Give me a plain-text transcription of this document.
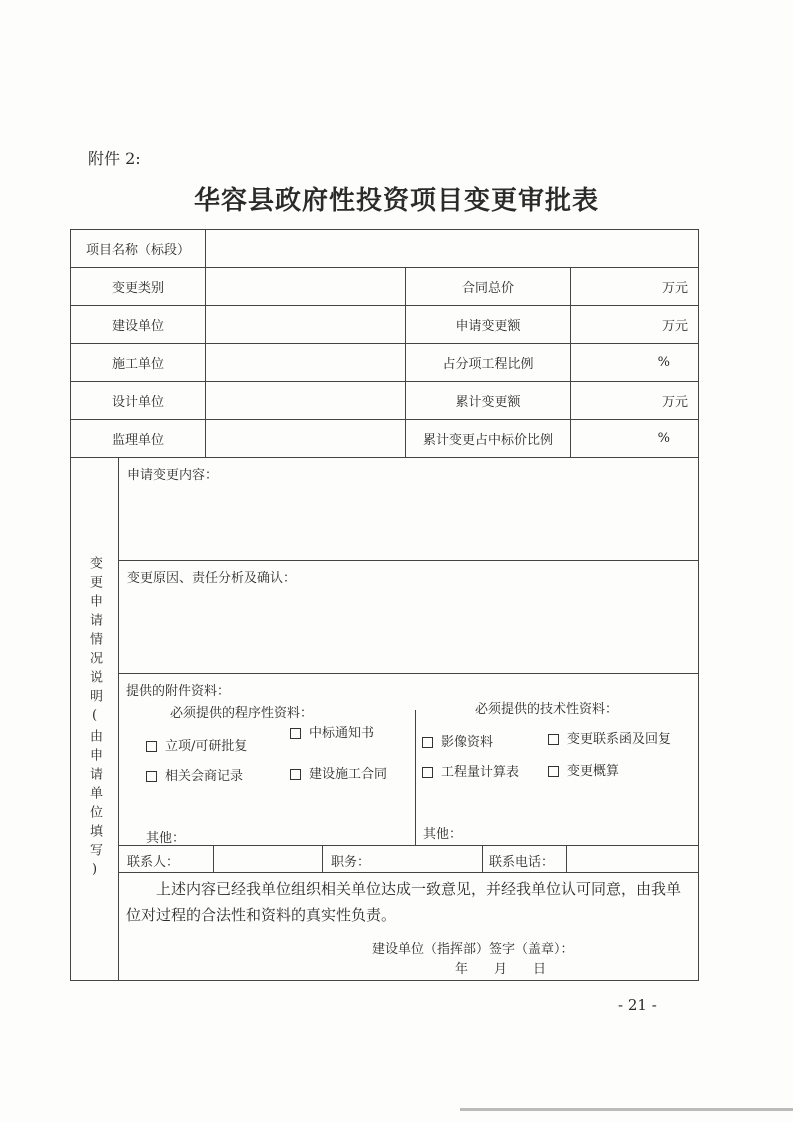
附件 2:
华容县政府性投资项目变更审批表
项目名称（标段）
变更类别	合同总价	万元
建设单位	申请变更额	万元
施工单位	占分项工程比例	%
设计单位	累计变更额	万元
监理单位	累计变更占中标价比例	%
变更申请情况说明(由申请单位填写)
申请变更内容：
变更原因、责任分析及确认：
提供的附件资料：
必须提供的程序性资料：	必须提供的技术性资料：
立项/可研批复
中标通知书
相关会商记录	建设施工合同
影像资料	变更联系函及回复
工程量计算表	变更概算
其他：	其他：
联系人：	职务：	联系电话：
上述内容已经我单位组织相关单位达成一致意见，并经我单位认可同意，由我单位对过程的合法性和资料的真实性负责。
建设单位（指挥部）签字（盖章）：
年　　月　　日
- 21 -
